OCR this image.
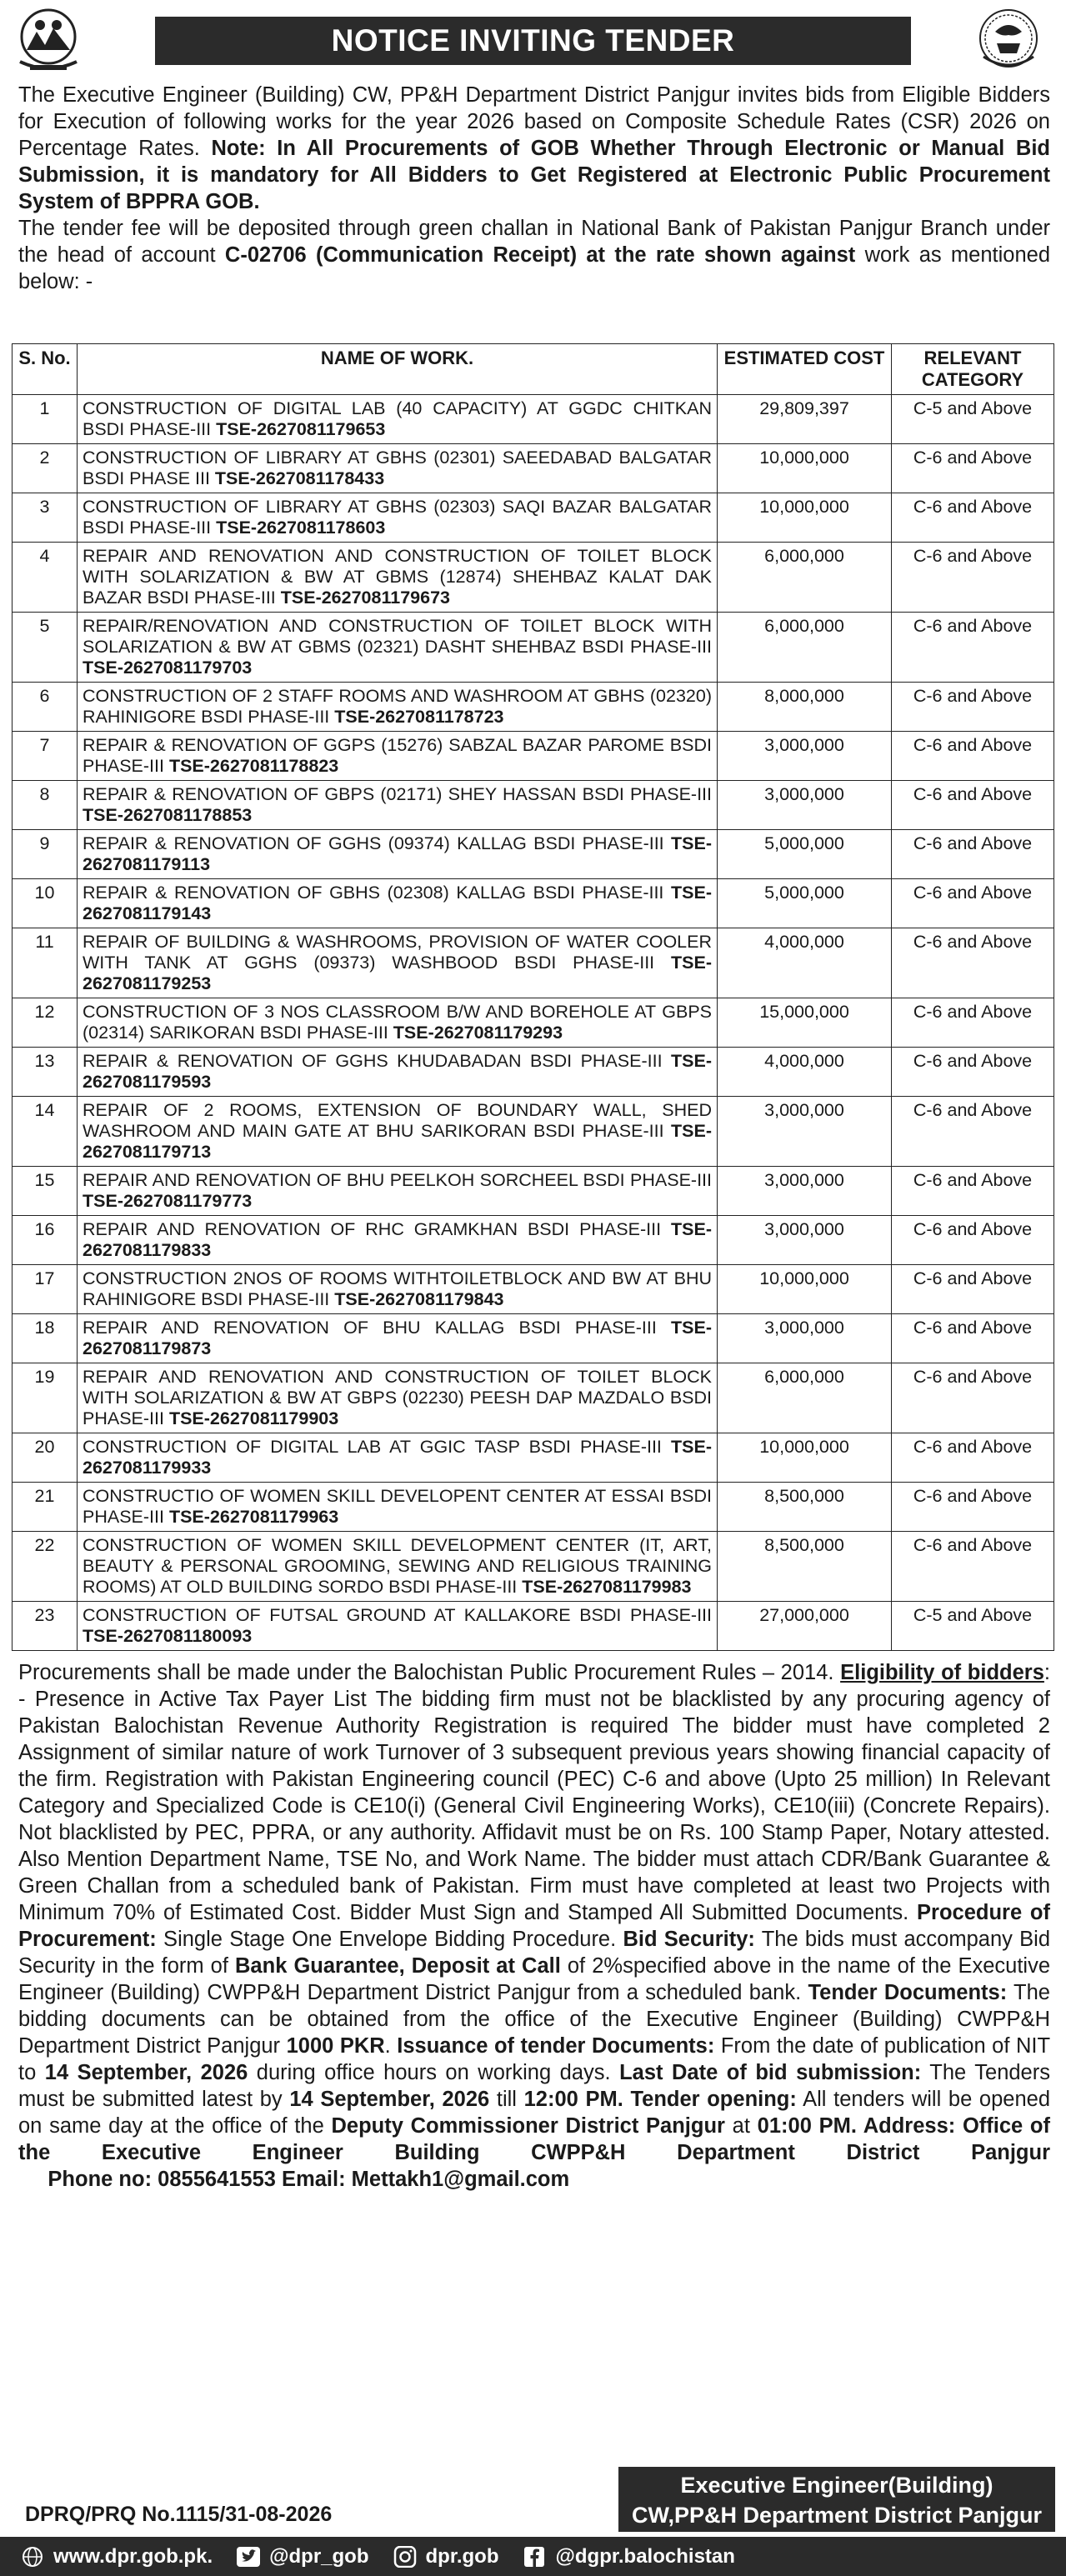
NOTICE INVITING TENDER

The Executive Engineer (Building) CW, PP&H Department District Panjgur invites bids from Eligible Bidders for Execution of following works for the year 2026 based on Composite Schedule Rates (CSR) 2026 on Percentage Rates. Note: In All Procurements of GOB Whether Through Electronic or Manual Bid Submission, it is mandatory for All Bidders to Get Registered at Electronic Public Procurement System of BPPRA GOB.

The tender fee will be deposited through green challan in National Bank of Pakistan Panjgur Branch under the head of account C-02706 (Communication Receipt) at the rate shown against work as mentioned below: -

S. No.	NAME OF WORK.	ESTIMATED COST	RELEVANT CATEGORY
1	CONSTRUCTION OF DIGITAL LAB (40 CAPACITY) AT GGDC CHITKAN BSDI PHASE-III TSE-2627081179653	29,809,397	C-5 and Above
2	CONSTRUCTION OF LIBRARY AT GBHS (02301) SAEEDABAD BALGATAR BSDI PHASE III TSE-2627081178433	10,000,000	C-6 and Above
3	CONSTRUCTION OF LIBRARY AT GBHS (02303) SAQI BAZAR BALGATAR BSDI PHASE-III TSE-2627081178603	10,000,000	C-6 and Above
4	REPAIR AND RENOVATION AND CONSTRUCTION OF TOILET BLOCK WITH SOLARIZATION & BW AT GBMS (12874) SHEHBAZ KALAT DAK BAZAR BSDI PHASE-III TSE-2627081179673	6,000,000	C-6 and Above
5	REPAIR/RENOVATION AND CONSTRUCTION OF TOILET BLOCK WITH SOLARIZATION & BW AT GBMS (02321) DASHT SHEHBAZ BSDI PHASE-III TSE-2627081179703	6,000,000	C-6 and Above
6	CONSTRUCTION OF 2 STAFF ROOMS AND WASHROOM AT GBHS (02320) RAHINIGORE BSDI PHASE-III TSE-2627081178723	8,000,000	C-6 and Above
7	REPAIR & RENOVATION OF GGPS (15276) SABZAL BAZAR PAROME BSDI PHASE-III TSE-2627081178823	3,000,000	C-6 and Above
8	REPAIR & RENOVATION OF GBPS (02171) SHEY HASSAN BSDI PHASE-III TSE-2627081178853	3,000,000	C-6 and Above
9	REPAIR & RENOVATION OF GGHS (09374) KALLAG BSDI PHASE-III TSE-2627081179113	5,000,000	C-6 and Above
10	REPAIR & RENOVATION OF GBHS (02308) KALLAG BSDI PHASE-III TSE-2627081179143	5,000,000	C-6 and Above
11	REPAIR OF BUILDING & WASHROOMS, PROVISION OF WATER COOLER WITH TANK AT GGHS (09373) WASHBOOD BSDI PHASE-III TSE-2627081179253	4,000,000	C-6 and Above
12	CONSTRUCTION OF 3 NOS CLASSROOM B/W AND BOREHOLE AT GBPS (02314) SARIKORAN BSDI PHASE-III TSE-2627081179293	15,000,000	C-6 and Above
13	REPAIR & RENOVATION OF GGHS KHUDABADAN BSDI PHASE-III TSE-2627081179593	4,000,000	C-6 and Above
14	REPAIR OF 2 ROOMS, EXTENSION OF BOUNDARY WALL, SHED WASHROOM AND MAIN GATE AT BHU SARIKORAN BSDI PHASE-III TSE-2627081179713	3,000,000	C-6 and Above
15	REPAIR AND RENOVATION OF BHU PEELKOH SORCHEEL BSDI PHASE-III TSE-2627081179773	3,000,000	C-6 and Above
16	REPAIR AND RENOVATION OF RHC GRAMKHAN BSDI PHASE-III TSE-2627081179833	3,000,000	C-6 and Above
17	CONSTRUCTION 2NOS OF ROOMS WITHTOILETBLOCK AND BW AT BHU RAHINIGORE BSDI PHASE-III TSE-2627081179843	10,000,000	C-6 and Above
18	REPAIR AND RENOVATION OF BHU KALLAG BSDI PHASE-III TSE-2627081179873	3,000,000	C-6 and Above
19	REPAIR AND RENOVATION AND CONSTRUCTION OF TOILET BLOCK WITH SOLARIZATION & BW AT GBPS (02230) PEESH DAP MAZDALO BSDI PHASE-III TSE-2627081179903	6,000,000	C-6 and Above
20	CONSTRUCTION OF DIGITAL LAB AT GGIC TASP BSDI PHASE-III TSE-2627081179933	10,000,000	C-6 and Above
21	CONSTRUCTIO OF WOMEN SKILL DEVELOPENT CENTER AT ESSAI BSDI PHASE-III TSE-2627081179963	8,500,000	C-6 and Above
22	CONSTRUCTION OF WOMEN SKILL DEVELOPMENT CENTER (IT, ART, BEAUTY & PERSONAL GROOMING, SEWING AND RELIGIOUS TRAINING ROOMS) AT OLD BUILDING SORDO BSDI PHASE-III TSE-2627081179983	8,500,000	C-6 and Above
23	CONSTRUCTION OF FUTSAL GROUND AT KALLAKORE BSDI PHASE-III TSE-2627081180093	27,000,000	C-5 and Above

Procurements shall be made under the Balochistan Public Procurement Rules – 2014. Eligibility of bidders: - Presence in Active Tax Payer List The bidding firm must not be blacklisted by any procuring agency of Pakistan Balochistan Revenue Authority Registration is required The bidder must have completed 2 Assignment of similar nature of work Turnover of 3 subsequent previous years showing financial capacity of the firm. Registration with Pakistan Engineering council (PEC) C-6 and above (Upto 25 million) In Relevant Category and Specialized Code is CE10(i) (General Civil Engineering Works), CE10(iii) (Concrete Repairs). Not blacklisted by PEC, PPRA, or any authority. Affidavit must be on Rs. 100 Stamp Paper, Notary attested. Also Mention Department Name, TSE No, and Work Name. The bidder must attach CDR/Bank Guarantee & Green Challan from a scheduled bank of Pakistan. Firm must have completed at least two Projects with Minimum 70% of Estimated Cost. Bidder Must Sign and Stamped All Submitted Documents. Procedure of Procurement: Single Stage One Envelope Bidding Procedure. Bid Security: The bids must accompany Bid Security in the form of Bank Guarantee, Deposit at Call of 2%specified above in the name of the Executive Engineer (Building) CWPP&H Department District Panjgur from a scheduled bank. Tender Documents: The bidding documents can be obtained from the office of the Executive Engineer (Building) CWPP&H Department District Panjgur 1000 PKR. Issuance of tender Documents: From the date of publication of NIT to 14 September, 2026 during office hours on working days. Last Date of bid submission: The Tenders must be submitted latest by 14 September, 2026 till 12:00 PM. Tender opening: All tenders will be opened on same day at the office of the Deputy Commissioner District Panjgur at 01:00 PM. Address: Office of the Executive Engineer Building CWPP&H Department District Panjgur     Phone no: 0855641553 Email: Mettakh1@gmail.com

DPRQ/PRQ No.1115/31-08-2026
Executive Engineer(Building)
CW,PP&H Department District Panjgur
www.dpr.gob.pk.	@dpr_gob	dpr.gob	@dgpr.balochistan
